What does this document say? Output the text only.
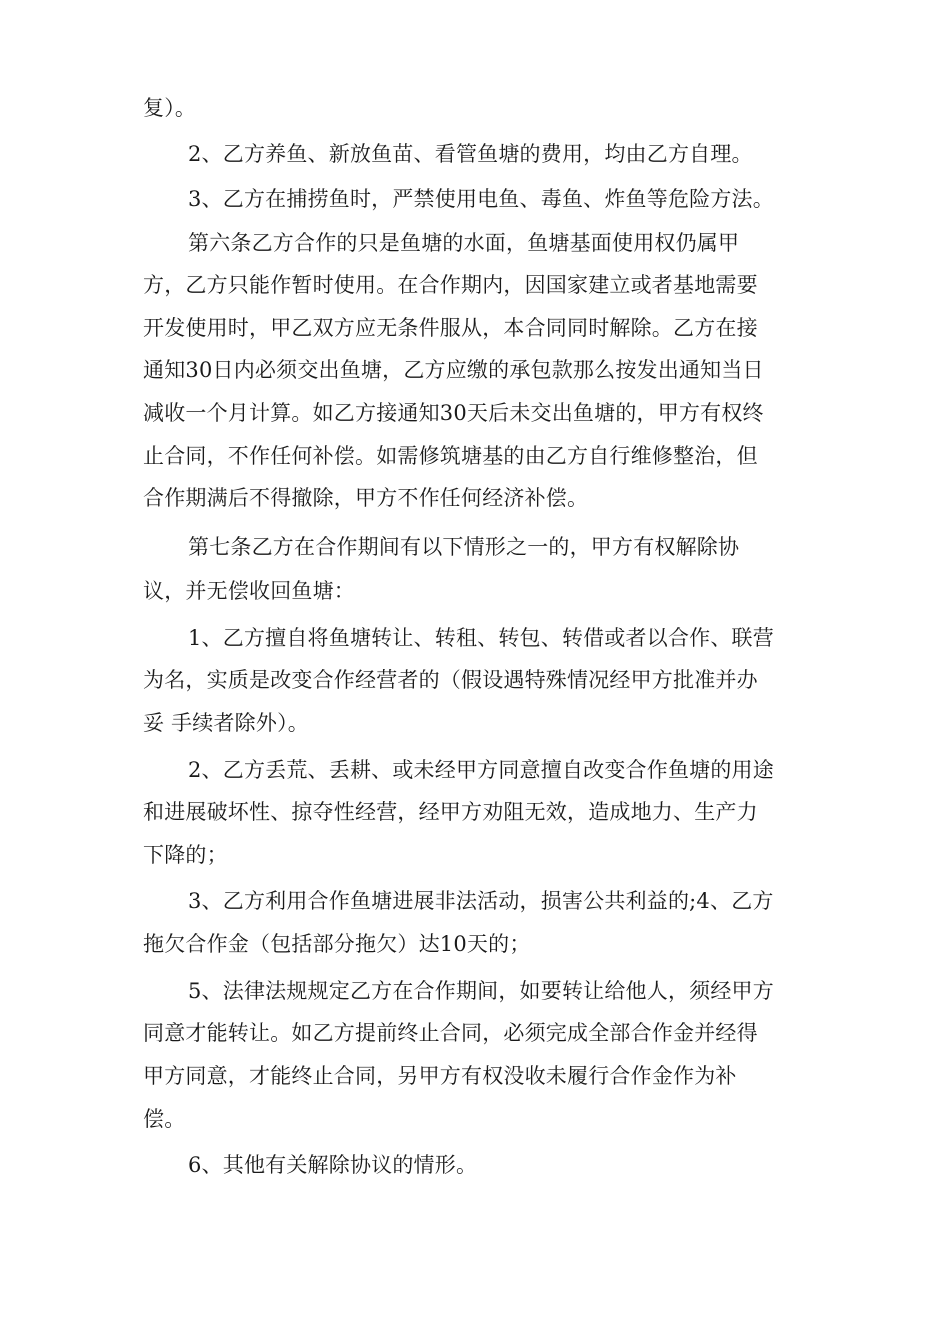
复）。
2、乙方养鱼、新放鱼苗、看管鱼塘的费用，均由乙方自理。
3、乙方在捕捞鱼时，严禁使用电鱼、毒鱼、炸鱼等危险方法。
第六条乙方合作的只是鱼塘的水面，鱼塘基面使用权仍属甲
方，乙方只能作暂时使用。在合作期内，因国家建立或者基地需要
开发使用时，甲乙双方应无条件服从，本合同同时解除。乙方在接
通知30日内必须交出鱼塘，乙方应缴的承包款那么按发出通知当日
减收一个月计算。如乙方接通知30天后未交出鱼塘的，甲方有权终
止合同，不作任何补偿。如需修筑塘基的由乙方自行维修整治，但
合作期满后不得撤除，甲方不作任何经济补偿。
第七条乙方在合作期间有以下情形之一的，甲方有权解除协
议，并无偿收回鱼塘：
1、乙方擅自将鱼塘转让、转租、转包、转借或者以合作、联营
为名，实质是改变合作经营者的（假设遇特殊情况经甲方批准并办
妥 手续者除外）。
2、乙方丢荒、丢耕、或未经甲方同意擅自改变合作鱼塘的用途
和进展破坏性、掠夺性经营，经甲方劝阻无效，造成地力、生产力
下降的；
3、乙方利用合作鱼塘进展非法活动，损害公共利益的;4、乙方
拖欠合作金（包括部分拖欠）达10天的；
5、法律法规规定乙方在合作期间，如要转让给他人，须经甲方
同意才能转让。如乙方提前终止合同，必须完成全部合作金并经得
甲方同意，才能终止合同，另甲方有权没收未履行合作金作为补
偿。
6、其他有关解除协议的情形。
